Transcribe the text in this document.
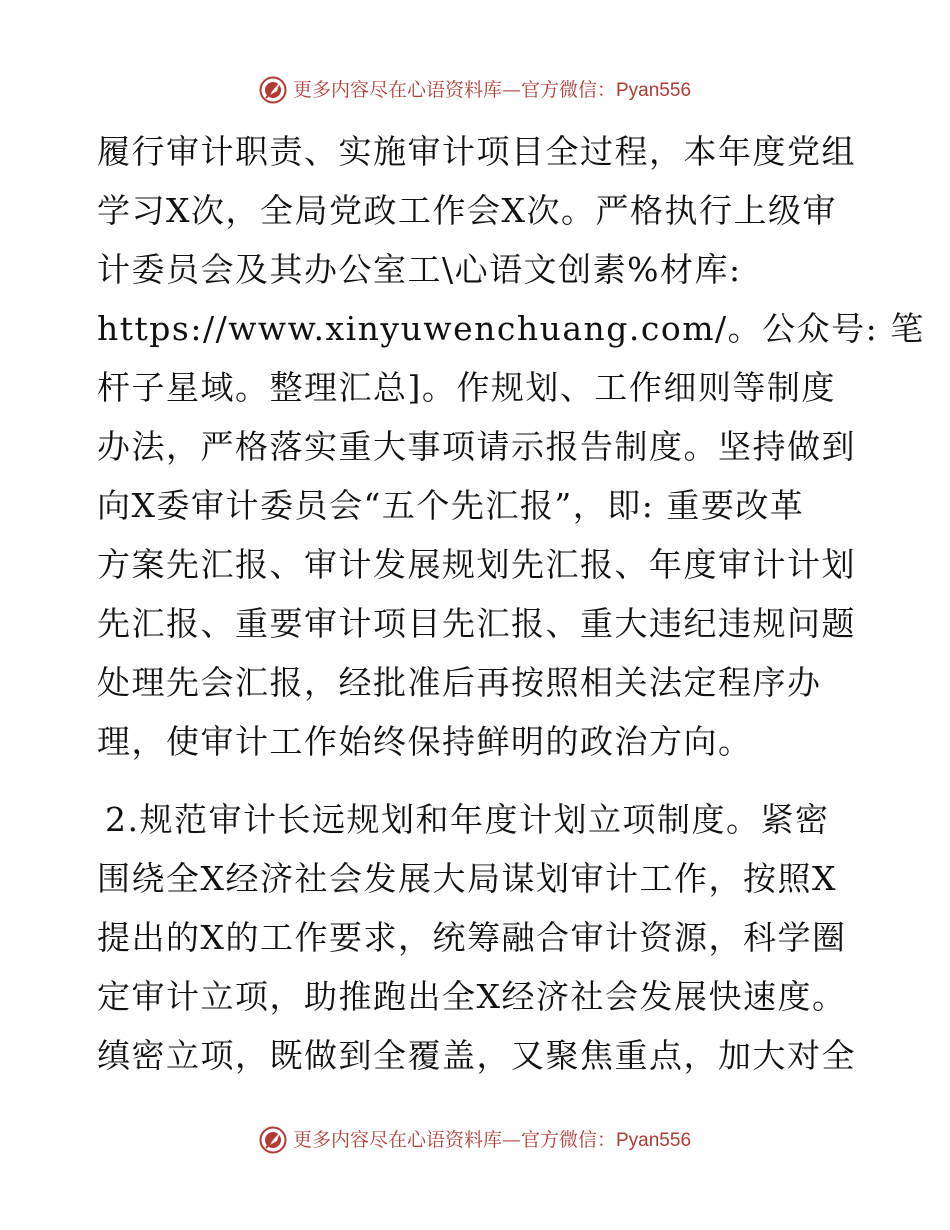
更多内容尽在心语资料库—官方微信：Pyan556
履行审计职责、实施审计项目全过程，本年度党组
学习X次，全局党政工作会X次。严格执行上级审
计委员会及其办公室工\心语文创素%材库:
https://www.xinyuwenchuang.com/。公众号: 笔
杆子星域。整理汇总]。作规划、工作细则等制度
办法，严格落实重大事项请示报告制度。坚持做到
向X委审计委员会“五个先汇报”，即: 重要改革
方案先汇报、审计发展规划先汇报、年度审计计划
先汇报、重要审计项目先汇报、重大违纪违规问题
处理先会汇报，经批准后再按照相关法定程序办
理，使审计工作始终保持鲜明的政治方向。
2.规范审计长远规划和年度计划立项制度。紧密
围绕全X经济社会发展大局谋划审计工作，按照X
提出的X的工作要求，统筹融合审计资源，科学圈
定审计立项，助推跑出全X经济社会发展快速度。
缜密立项，既做到全覆盖，又聚焦重点，加大对全
更多内容尽在心语资料库—官方微信：Pyan556
